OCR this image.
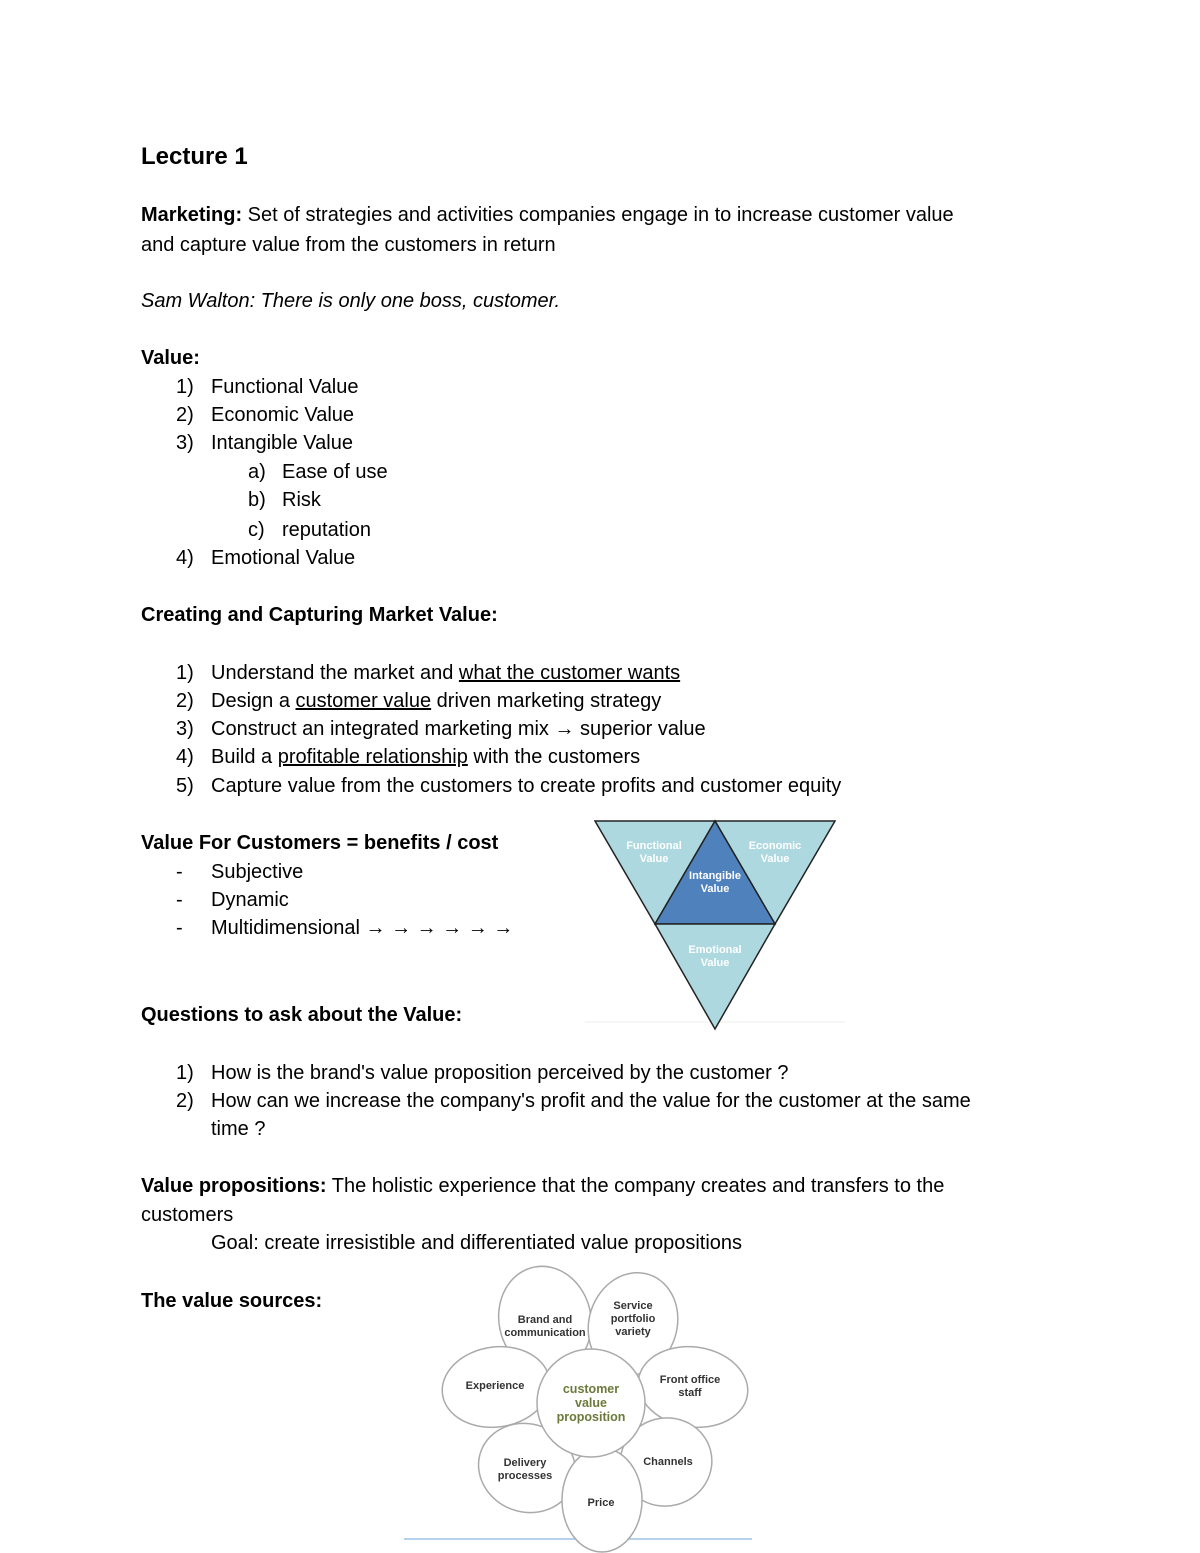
Lecture 1
Marketing: Set of strategies and activities companies engage in to increase customer value
and capture value from the customers in return
Sam Walton: There is only one boss, customer.
Value:
1) Functional Value
2) Economic Value
3) Intangible Value
a) Ease of use
b) Risk
c) reputation
4) Emotional Value
Creating and Capturing Market Value:
1) Understand the market and what the customer wants
2) Design a customer value driven marketing strategy
3) Construct an integrated marketing mix → superior value
4) Build a profitable relationship with the customers
5) Capture value from the customers to create profits and customer equity
Value For Customers = benefits / cost
- Subjective
- Dynamic
- Multidimensional → → → → → →
Functional
Value
Economic
Value
Intangible
Value
Emotional
Value
Questions to ask about the Value:
1) How is the brand's value proposition perceived by the customer ?
2) How can we increase the company's profit and the value for the customer at the same
time ?
Value propositions: The holistic experience that the company creates and transfers to the
customers
Goal: create irresistible and differentiated value propositions
The value sources:
Brand and
communication
Service
portfolio
variety
Experience	Front office
staff
Delivery
processes
Channels
Price
customer
value
proposition
